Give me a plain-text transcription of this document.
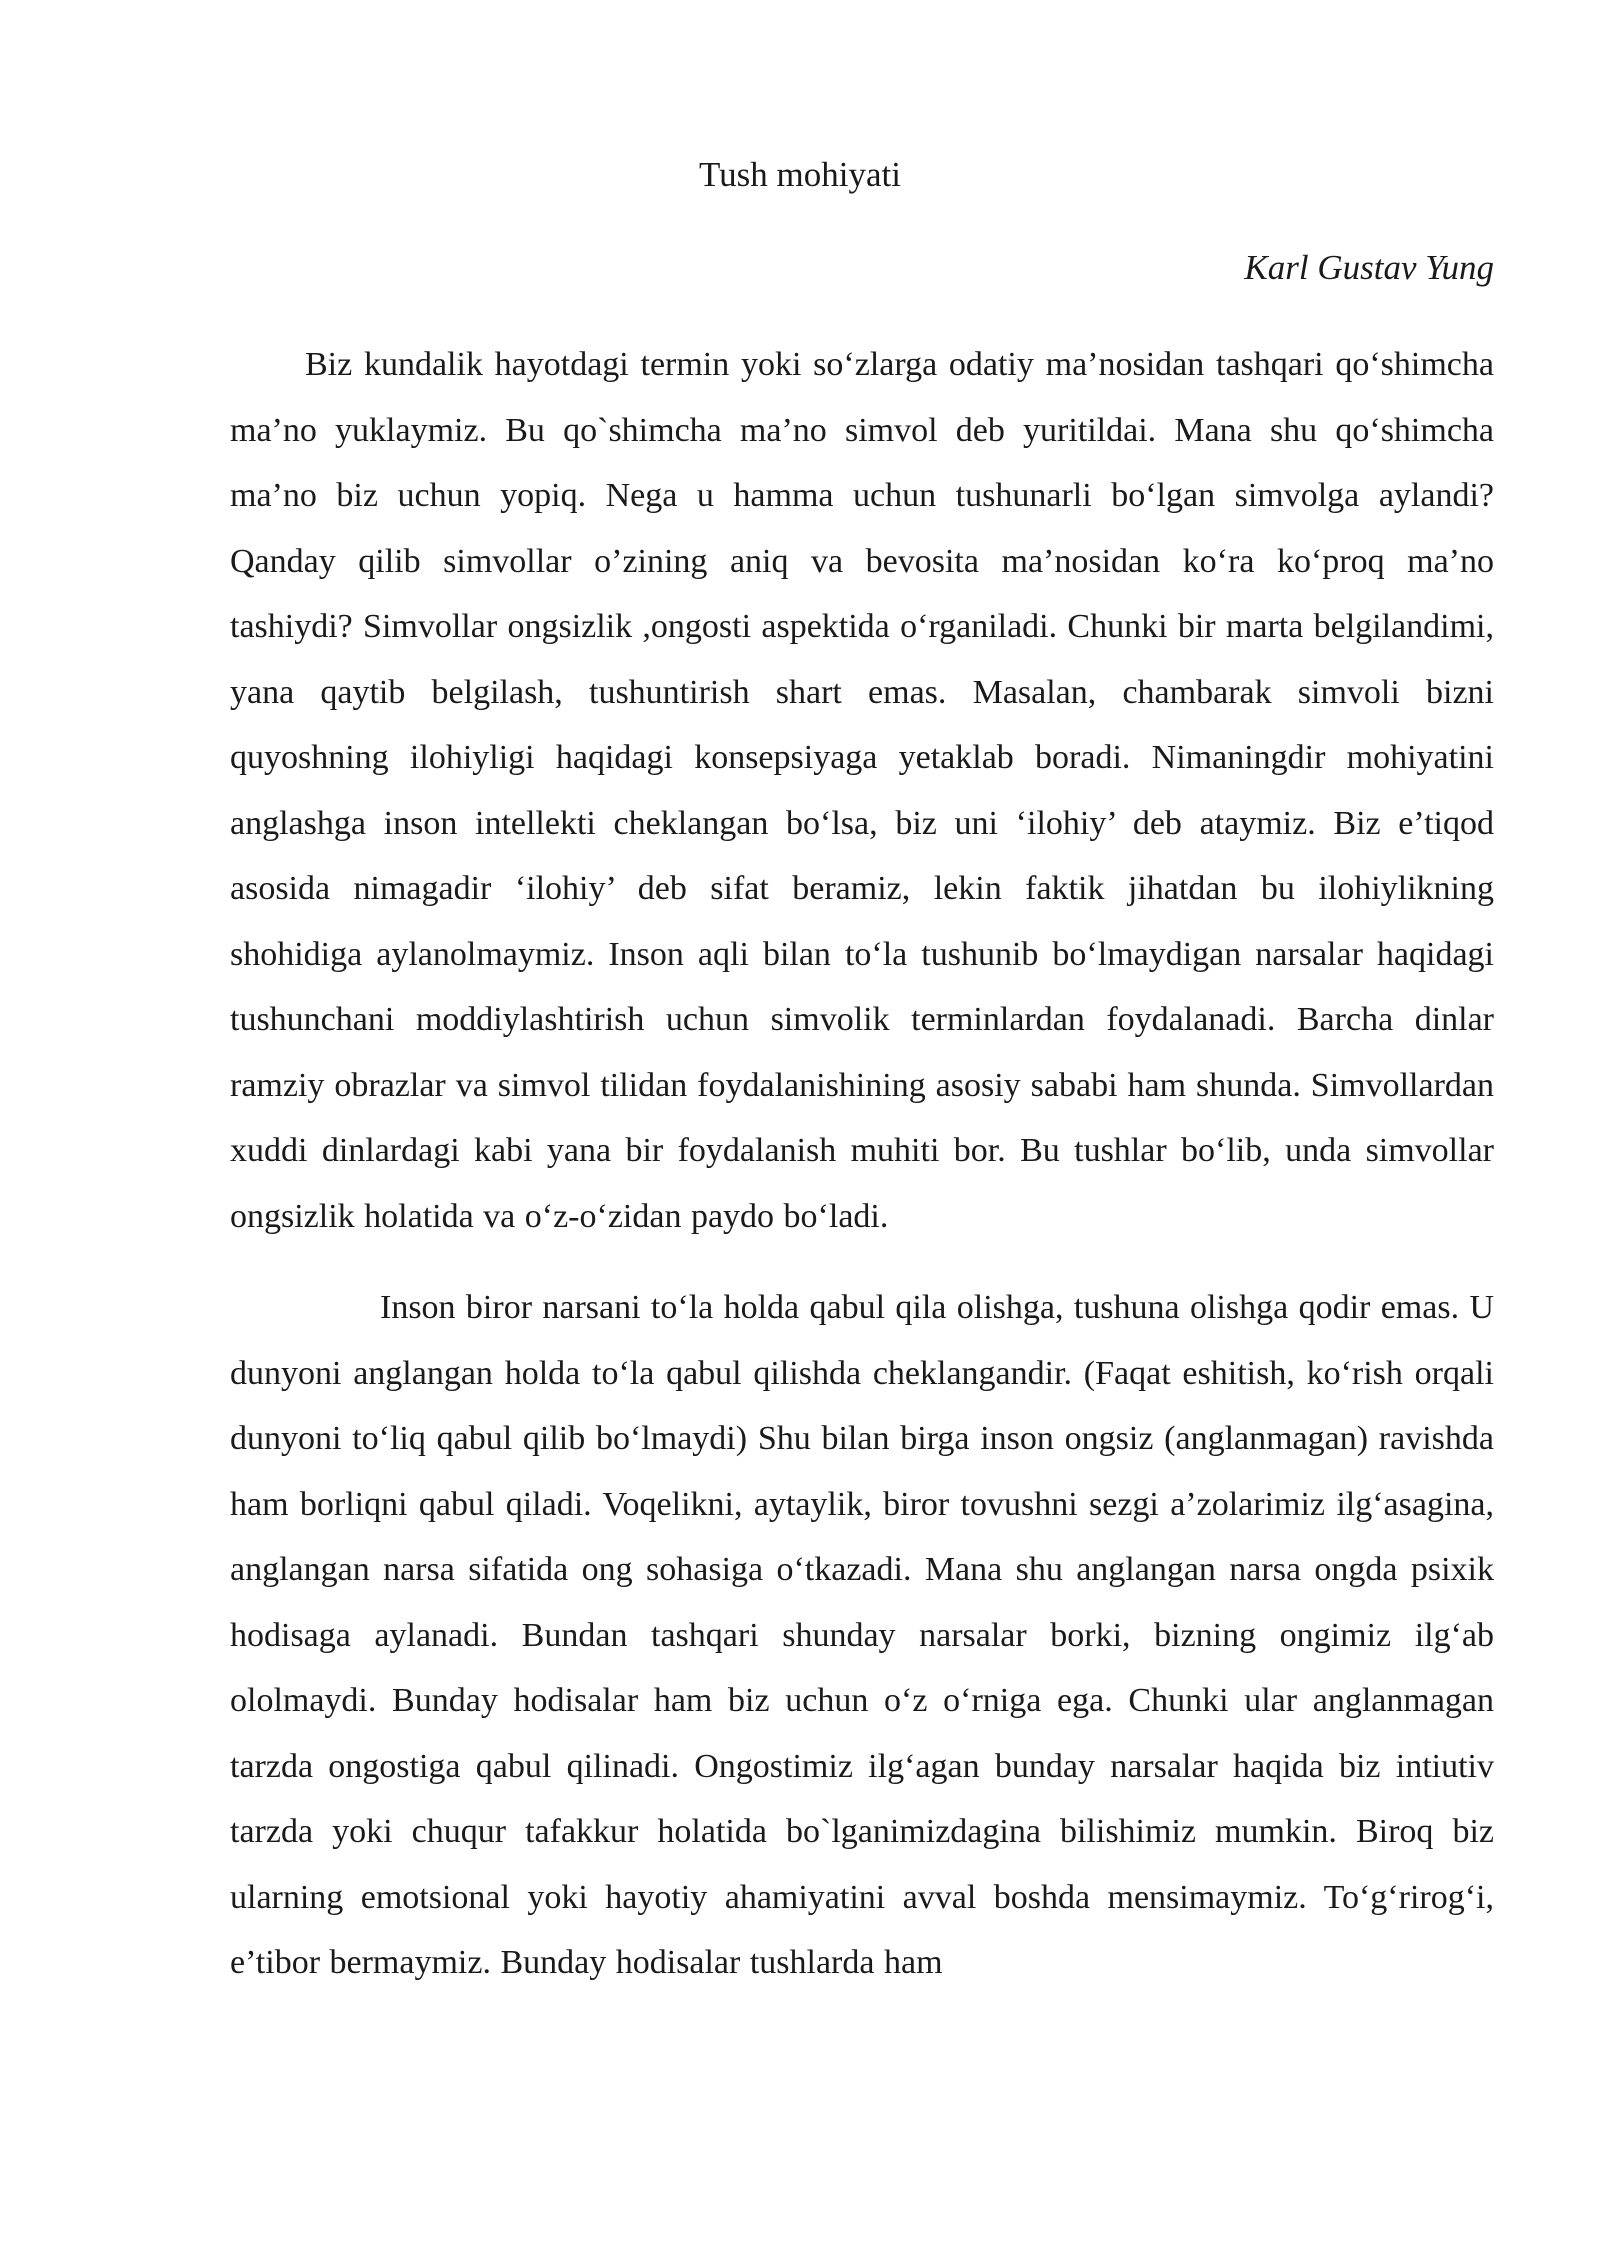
Tush mohiyati

Karl Gustav Yung

Biz kundalik hayotdagi termin yoki so‘zlarga odatiy ma’nosidan tashqari qo‘shimcha ma’no yuklaymiz. Bu qo`shimcha ma’no simvol deb yuritildai. Mana shu qo‘shimcha ma’no biz uchun yopiq. Nega u hamma uchun tushunarli bo‘lgan simvolga aylandi? Qanday qilib simvollar o’zining aniq va bevosita ma’nosidan ko‘ra ko‘proq ma’no tashiydi? Simvollar ongsizlik ,ongosti aspektida o‘rganiladi. Chunki bir marta belgilandimi, yana qaytib belgilash, tushuntirish shart emas. Masalan, chambarak simvoli bizni quyoshning ilohiyligi haqidagi konsepsiyaga yetaklab boradi. Nimaningdir mohiyatini anglashga inson intellekti cheklangan bo‘lsa, biz uni ‘ilohiy’ deb ataymiz. Biz e’tiqod asosida nimagadir ‘ilohiy’ deb sifat beramiz, lekin faktik jihatdan bu ilohiylikning shohidiga aylanolmaymiz. Inson aqli bilan to‘la tushunib bo‘lmaydigan narsalar haqidagi tushunchani moddiylashtirish uchun simvolik terminlardan foydalanadi. Barcha dinlar ramziy obrazlar va simvol tilidan foydalanishining asosiy sababi ham shunda. Simvollardan xuddi dinlardagi kabi yana bir foydalanish muhiti bor. Bu tushlar bo‘lib, unda simvollar ongsizlik holatida va o‘z-o‘zidan paydo bo‘ladi.

Inson biror narsani to‘la holda qabul qila olishga, tushuna olishga qodir emas. U dunyoni anglangan holda to‘la qabul qilishda cheklangandir. (Faqat eshitish, ko‘rish orqali dunyoni to‘liq qabul qilib bo‘lmaydi) Shu bilan birga inson ongsiz (anglanmagan) ravishda ham borliqni qabul qiladi. Voqelikni, aytaylik, biror tovushni sezgi a’zolarimiz ilg‘asagina, anglangan narsa sifatida ong sohasiga o‘tkazadi. Mana shu anglangan narsa ongda psixik hodisaga aylanadi. Bundan tashqari shunday narsalar borki, bizning ongimiz ilg‘ab ololmaydi. Bunday hodisalar ham biz uchun o‘z o‘rniga ega. Chunki ular anglanmagan tarzda ongostiga qabul qilinadi. Ongostimiz ilg‘agan bunday narsalar haqida biz intiutiv tarzda yoki chuqur tafakkur holatida bo`lganimizdagina bilishimiz mumkin. Biroq biz ularning emotsional yoki hayotiy ahamiyatini avval boshda mensimaymiz. To‘g‘rirog‘i, e’tibor bermaymiz. Bunday hodisalar tushlarda ham
